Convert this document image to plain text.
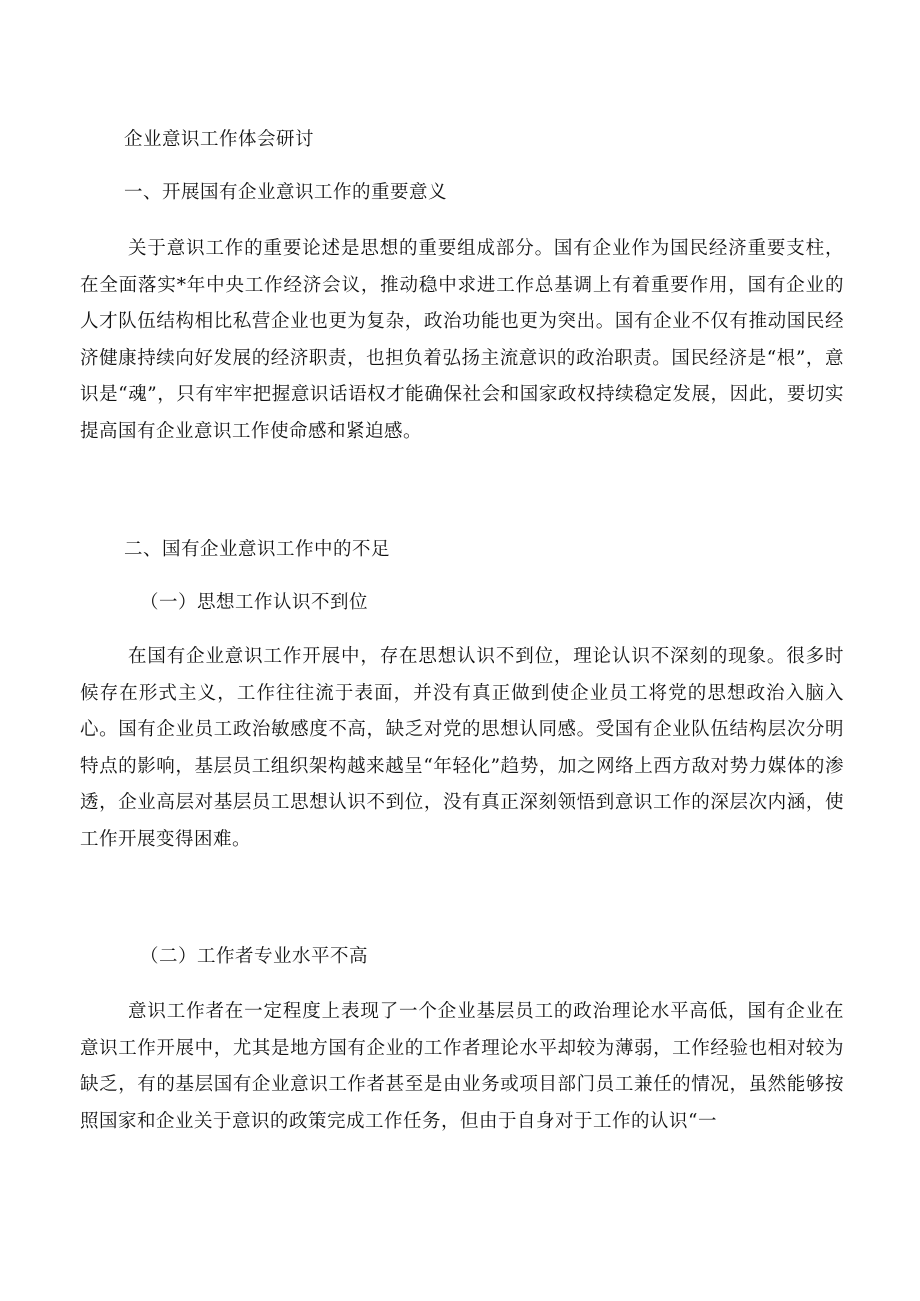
企业意识工作体会研讨

一、开展国有企业意识工作的重要意义

关于意识工作的重要论述是思想的重要组成部分。国有企业作为国民经济重要支柱，在全面落实*年中央工作经济会议，推动稳中求进工作总基调上有着重要作用，国有企业的人才队伍结构相比私营企业也更为复杂，政治功能也更为突出。国有企业不仅有推动国民经济健康持续向好发展的经济职责，也担负着弘扬主流意识的政治职责。国民经济是“根”，意识是“魂”，只有牢牢把握意识话语权才能确保社会和国家政权持续稳定发展，因此，要切实提高国有企业意识工作使命感和紧迫感。

二、国有企业意识工作中的不足

（一）思想工作认识不到位

在国有企业意识工作开展中，存在思想认识不到位，理论认识不深刻的现象。很多时候存在形式主义，工作往往流于表面，并没有真正做到使企业员工将党的思想政治入脑入心。国有企业员工政治敏感度不高，缺乏对党的思想认同感。受国有企业队伍结构层次分明特点的影响，基层员工组织架构越来越呈“年轻化”趋势，加之网络上西方敌对势力媒体的渗透，企业高层对基层员工思想认识不到位，没有真正深刻领悟到意识工作的深层次内涵，使工作开展变得困难。

（二）工作者专业水平不高

意识工作者在一定程度上表现了一个企业基层员工的政治理论水平高低，国有企业在意识工作开展中，尤其是地方国有企业的工作者理论水平却较为薄弱，工作经验也相对较为缺乏，有的基层国有企业意识工作者甚至是由业务或项目部门员工兼任的情况，虽然能够按照国家和企业关于意识的政策完成工作任务，但由于自身对于工作的认识“一
